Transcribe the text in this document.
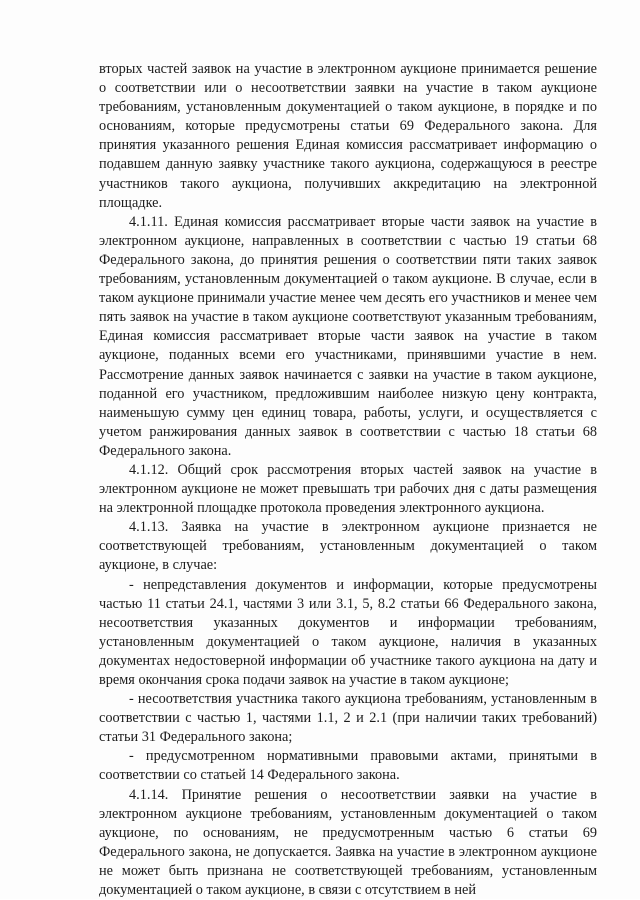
вторых частей заявок на участие в электронном аукционе принимается решение о соответствии или о несоответствии заявки на участие в таком аукционе требованиям, установленным документацией о таком аукционе, в порядке и по основаниям, которые предусмотрены статьи 69 Федерального закона. Для принятия указанного решения Единая комиссия рассматривает информацию о подавшем данную заявку участнике такого аукциона, содержащуюся в реестре участников такого аукциона, получивших аккредитацию на электронной площадке.

4.1.11. Единая комиссия рассматривает вторые части заявок на участие в электронном аукционе, направленных в соответствии с частью 19 статьи 68 Федерального закона, до принятия решения о соответствии пяти таких заявок требованиям, установленным документацией о таком аукционе. В случае, если в таком аукционе принимали участие менее чем десять его участников и менее чем пять заявок на участие в таком аукционе соответствуют указанным требованиям, Единая комиссия рассматривает вторые части заявок на участие в таком аукционе, поданных всеми его участниками, принявшими участие в нем. Рассмотрение данных заявок начинается с заявки на участие в таком аукционе, поданной его участником, предложившим наиболее низкую цену контракта, наименьшую сумму цен единиц товара, работы, услуги, и осуществляется с учетом ранжирования данных заявок в соответствии с частью 18 статьи 68 Федерального закона.

4.1.12. Общий срок рассмотрения вторых частей заявок на участие в электронном аукционе не может превышать три рабочих дня с даты размещения на электронной площадке протокола проведения электронного аукциона.

4.1.13. Заявка на участие в электронном аукционе признается не соответствующей требованиям, установленным документацией о таком аукционе, в случае:

- непредставления документов и информации, которые предусмотрены частью 11 статьи 24.1, частями 3 или 3.1, 5, 8.2 статьи 66 Федерального закона, несоответствия указанных документов и информации требованиям, установленным документацией о таком аукционе, наличия в указанных документах недостоверной информации об участнике такого аукциона на дату и время окончания срока подачи заявок на участие в таком аукционе;

- несоответствия участника такого аукциона требованиям, установленным в соответствии с частью 1, частями 1.1, 2 и 2.1 (при наличии таких требований) статьи 31 Федерального закона;

- предусмотренном нормативными правовыми актами, принятыми в соответствии со статьей 14 Федерального закона.

4.1.14. Принятие решения о несоответствии заявки на участие в электронном аукционе требованиям, установленным документацией о таком аукционе, по основаниям, не предусмотренным частью 6 статьи 69 Федерального закона, не допускается. Заявка на участие в электронном аукционе не может быть признана не соответствующей требованиям, установленным документацией о таком аукционе, в связи с отсутствием в ней
